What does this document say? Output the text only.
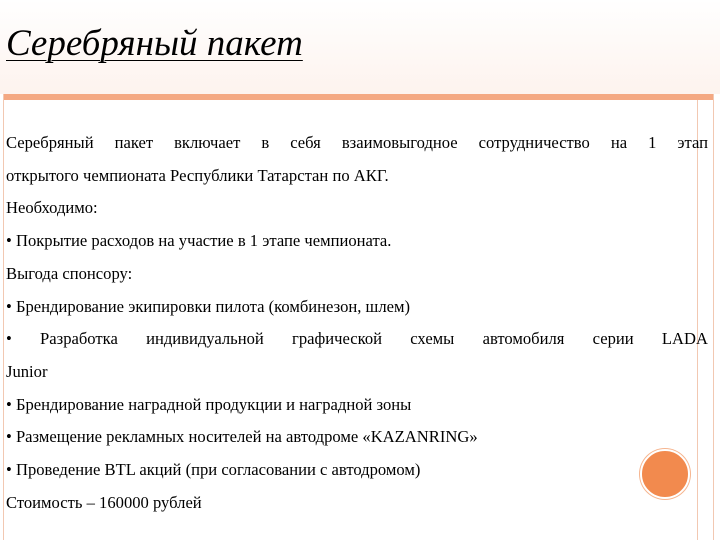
Серебряный пакет
Серебряный пакет включает в себя взаимовыгодное сотрудничество на 1 этап
открытого чемпионата Республики Татарстан по АКГ.
Необходимо:
• Покрытие расходов на участие в 1 этапе чемпионата.
Выгода спонсору:
• Брендирование экипировки пилота (комбинезон, шлем)
• Разработка индивидуальной графической схемы автомобиля серии LADA
Junior
• Брендирование наградной продукции и наградной зоны
• Размещение рекламных носителей на автодроме «KAZANRING»
• Проведение BTL акций (при согласовании с автодромом)
Стоимость – 160000 рублей
